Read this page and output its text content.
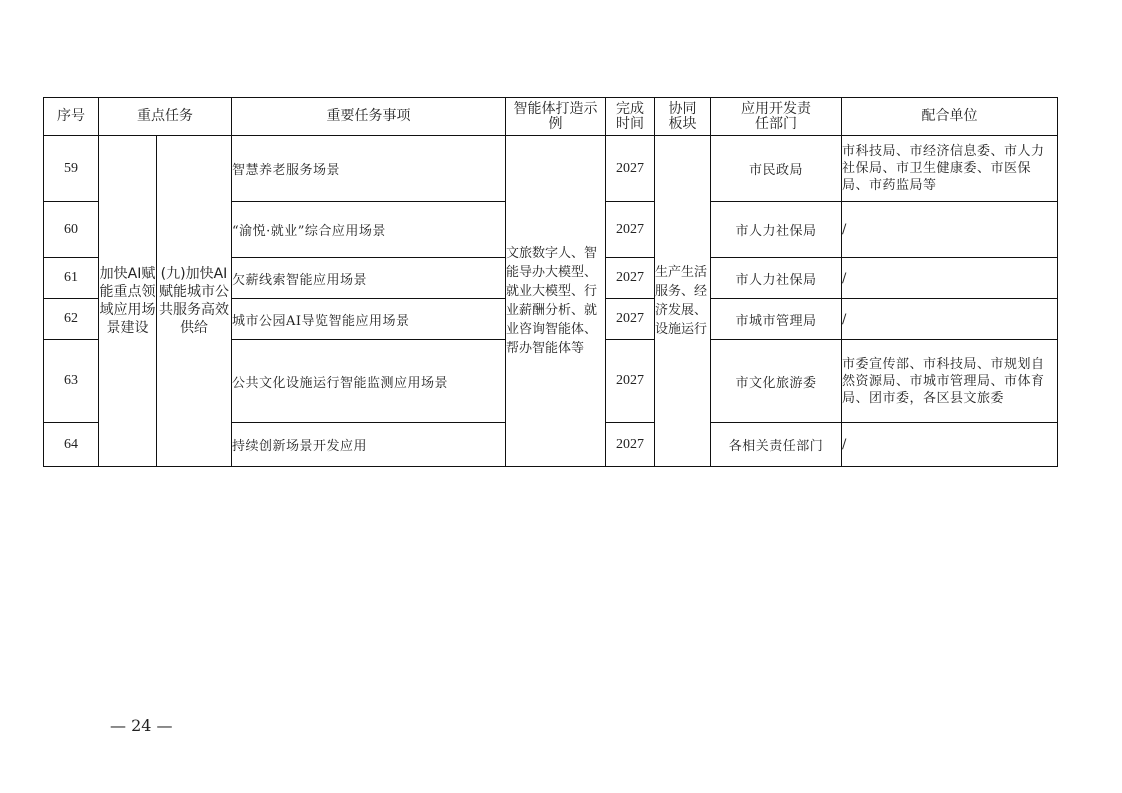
序号	重点任务		重要任务事项	智能体打造示例	完成时间	协同板块	应用开发责任部门	配合单位
59	加快AI赋能重点领域应用场景建设	(九)加快AI赋能城市公共服务高效供给	智慧养老服务场景	文旅数字人、智能导办大模型、就业大模型、行业薪酬分析、就业咨询智能体、帮办智能体等	2027	生产生活服务、经济发展、设施运行	市民政局	市科技局、市经济信息委、市人力社保局、市卫生健康委、市医保局、市药监局等
60			“渝悦·就业”综合应用场景		2027		市人力社保局	/
61			欠薪线索智能应用场景		2027		市人力社保局	/
62			城市公园AI导览智能应用场景		2027		市城市管理局	/
63			公共文化设施运行智能监测应用场景		2027		市文化旅游委	市委宣传部、市科技局、市规划自然资源局、市城市管理局、市体育局、团市委，各区县文旅委
64			持续创新场景开发应用		2027		各相关责任部门	/
— 24 —
